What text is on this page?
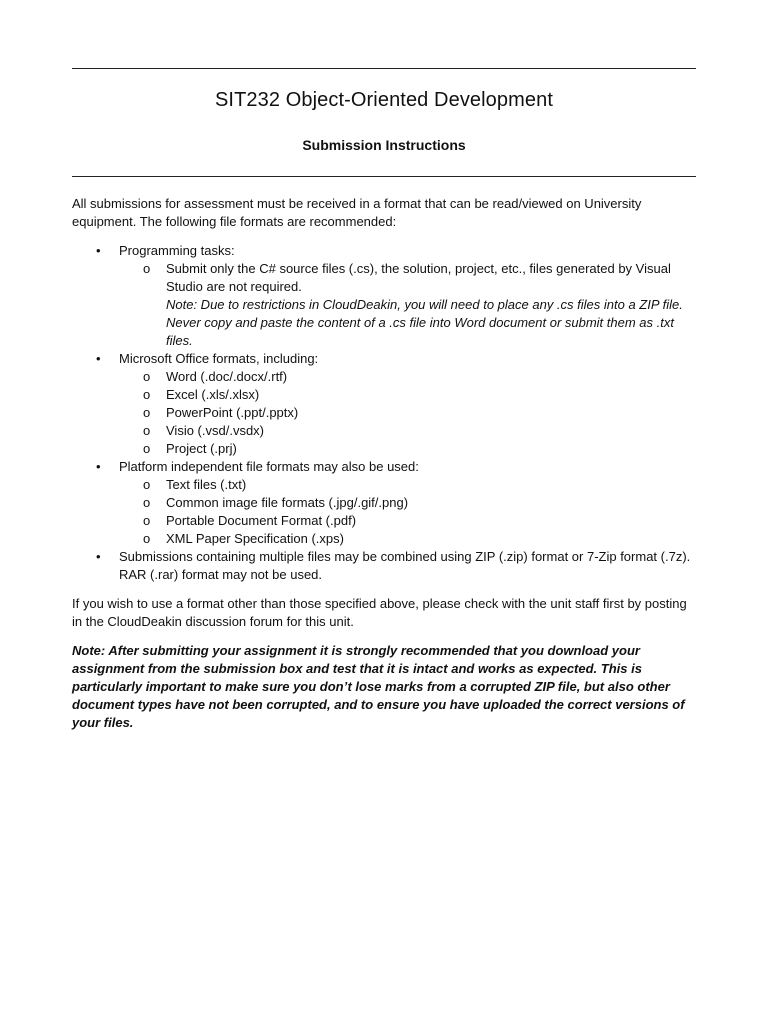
SIT232 Object-Oriented Development
Submission Instructions

All submissions for assessment must be received in a format that can be read/viewed on University equipment. The following file formats are recommended:

•	Programming tasks:
o Submit only the C# source files (.cs), the solution, project, etc., files generated by Visual Studio are not required.
Note: Due to restrictions in CloudDeakin, you will need to place any .cs files into a ZIP file. Never copy and paste the content of a .cs file into Word document or submit them as .txt files.
•	Microsoft Office formats, including:
o Word (.doc/.docx/.rtf)
o Excel (.xls/.xlsx)
o PowerPoint (.ppt/.pptx)
o Visio (.vsd/.vsdx)
o Project (.prj)
•	Platform independent file formats may also be used:
o Text files (.txt)
o Common image file formats (.jpg/.gif/.png)
o Portable Document Format (.pdf)
o XML Paper Specification (.xps)
•	Submissions containing multiple files may be combined using ZIP (.zip) format or 7-Zip format (.7z). RAR (.rar) format may not be used.

If you wish to use a format other than those specified above, please check with the unit staff first by posting in the CloudDeakin discussion forum for this unit.

Note: After submitting your assignment it is strongly recommended that you download your assignment from the submission box and test that it is intact and works as expected. This is particularly important to make sure you don’t lose marks from a corrupted ZIP file, but also other document types have not been corrupted, and to ensure you have uploaded the correct versions of your files.
